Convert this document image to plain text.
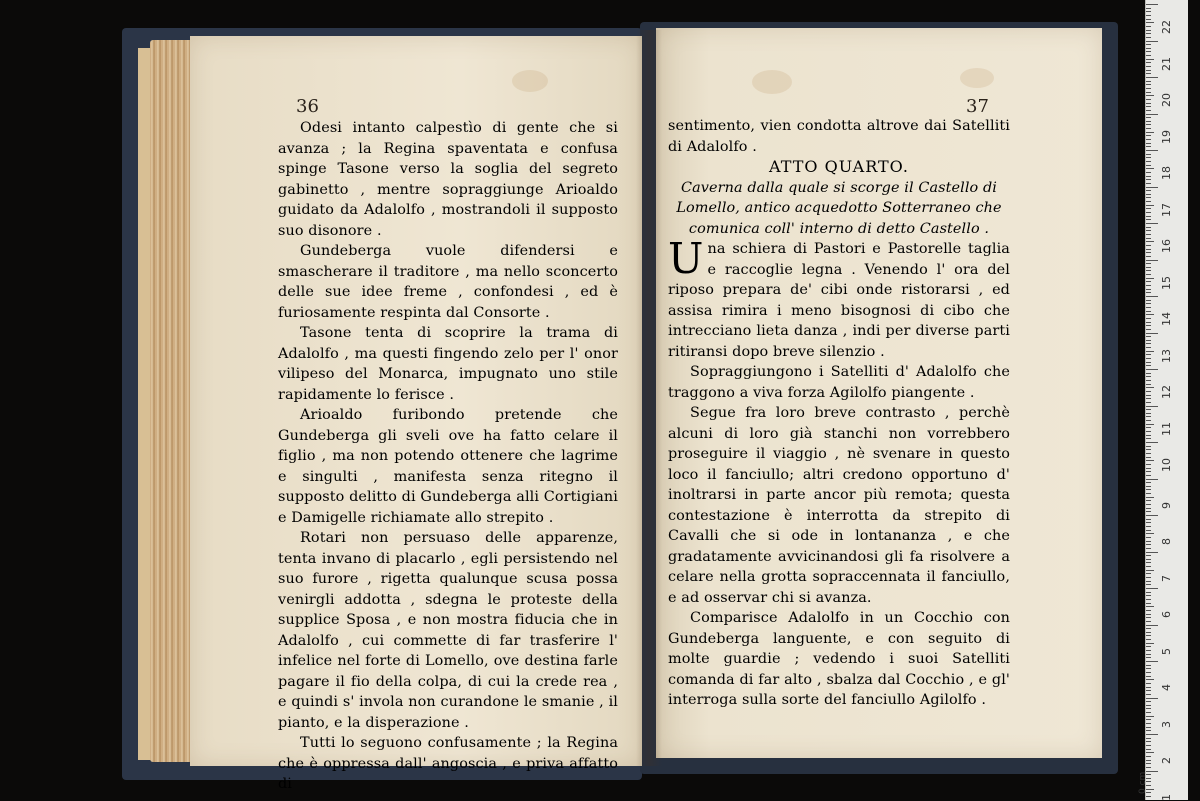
36

Odesi intanto calpestìo di gente che si avanza ; la Regina spaventata e confusa spinge Tasone verso la soglia del segreto gabinetto , mentre sopraggiunge Arioaldo guidato da Adalolfo , mostrandoli il supposto suo disonore .

Gundeberga vuole difendersi e smascherare il traditore , ma nello sconcerto delle sue idee freme , confondesi , ed è furiosamente respinta dal Consorte .

Tasone tenta di scoprire la trama di Adalolfo , ma questi fingendo zelo per l' onor vilipeso del Monarca, impugnato uno stile rapidamente lo ferisce .

Arioaldo furibondo pretende che Gundeberga gli sveli ove ha fatto celare il figlio , ma non potendo ottenere che lagrime e singulti , manifesta senza ritegno il supposto delitto di Gundeberga alli Cortigiani e Damigelle richiamate allo strepito .

Rotari non persuaso delle apparenze, tenta invano di placarlo , egli persistendo nel suo furore , rigetta qualunque scusa possa venirgli addotta , sdegna le proteste della supplice Sposa , e non mostra fiducia che in Adalolfo , cui commette di far trasferire l' infelice nel forte di Lomello, ove destina farle pagare il fio della colpa, di cui la crede rea , e quindi s' invola non curandone le smanie , il pianto, e la disperazione .

Tutti lo seguono confusamente ; la Regina che è oppressa dall' angoscia , e priva affatto di

37

sentimento, vien condotta altrove dai Satelliti di Adalolfo .

ATTO QUARTO.

Caverna dalla quale si scorge il Castello di Lomello, antico acquedotto Sotterraneo che comunica coll' interno di detto Castello .

Una schiera di Pastori e Pastorelle taglia e raccoglie legna . Venendo l' ora del riposo prepara de' cibi onde ristorarsi , ed assisa rimira i meno bisognosi di cibo che intrecciano lieta danza , indi per diverse parti ritiransi dopo breve silenzio .

Sopraggiungono i Satelliti d' Adalolfo che traggono a viva forza Agilolfo piangente .

Segue fra loro breve contrasto , perchè alcuni di loro già stanchi non vorrebbero proseguire il viaggio , nè svenare in questo loco il fanciullo; altri credono opportuno d' inoltrarsi in parte ancor più remota; questa contestazione è interrotta da strepito di Cavalli che si ode in lontananza , e che gradatamente avvicinandosi gli fa risolvere a celare nella grotta sopraccennata il fanciullo, e ad osservar chi si avanza.

Comparisce Adalolfo in un Cocchio con Gundeberga languente, e con seguito di molte guardie ; vedendo i suoi Satelliti comanda di far alto , sbalza dal Cocchio , e gl' interroga sulla sorte del fanciullo Agilolfo .

22
21
20
19
18
17
16
15
14
13
12
11
10
9
8
7
6
5
4
3
2
1
0 cm
